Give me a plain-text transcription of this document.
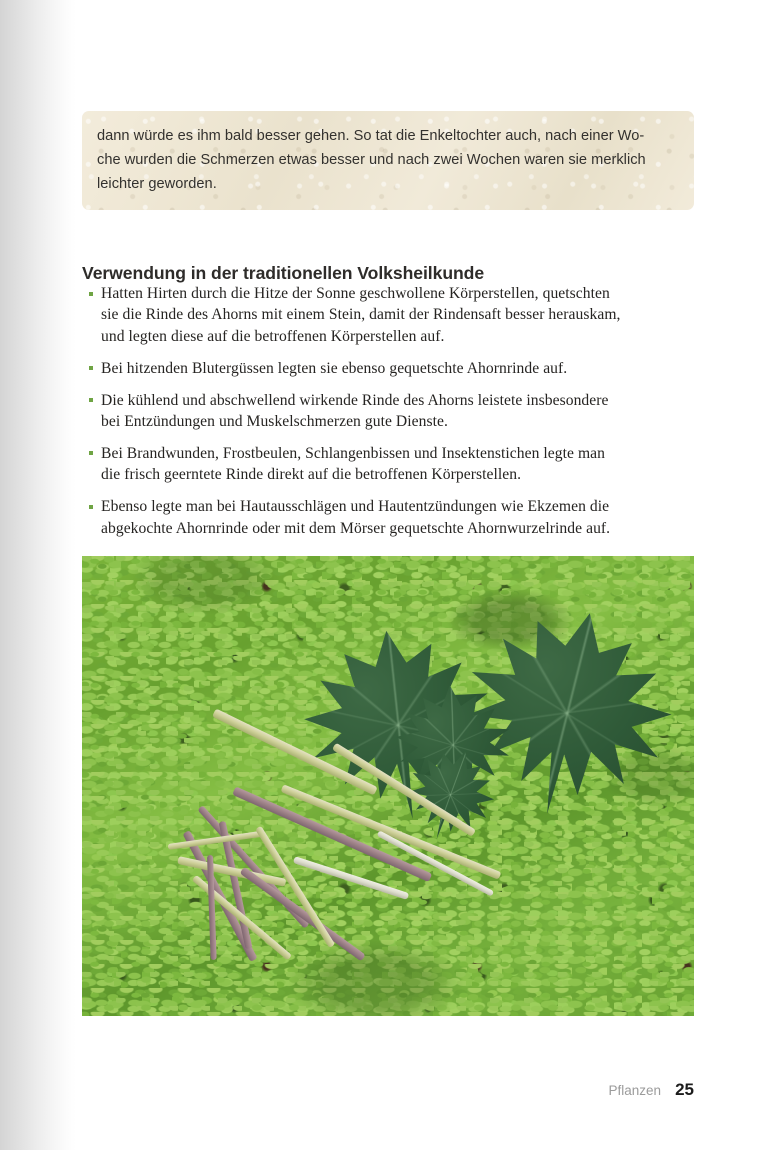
dann würde es ihm bald besser gehen. So tat die Enkeltochter auch, nach einer Wo-
che wurden die Schmerzen etwas besser und nach zwei Wochen waren sie merklich
leichter geworden.
Verwendung in der traditionellen Volksheilkunde
Hatten Hirten durch die Hitze der Sonne geschwollene Körperstellen, quetschten
sie die Rinde des Ahorns mit einem Stein, damit der Rindensaft besser herauskam,
und legten diese auf die betroffenen Körperstellen auf.
Bei hitzenden Blutergüssen legten sie ebenso gequetschte Ahornrinde auf.
Die kühlend und abschwellend wirkende Rinde des Ahorns leistete insbesondere
bei Entzündungen und Muskelschmerzen gute Dienste.
Bei Brandwunden, Frostbeulen, Schlangenbissen und Insektenstichen legte man
die frisch geerntete Rinde direkt auf die betroffenen Körperstellen.
Ebenso legte man bei Hautausschlägen und Hautentzündungen wie Ekzemen die
abgekochte Ahornrinde oder mit dem Mörser gequetschte Ahornwurzelrinde auf.
Pflanzen 25
